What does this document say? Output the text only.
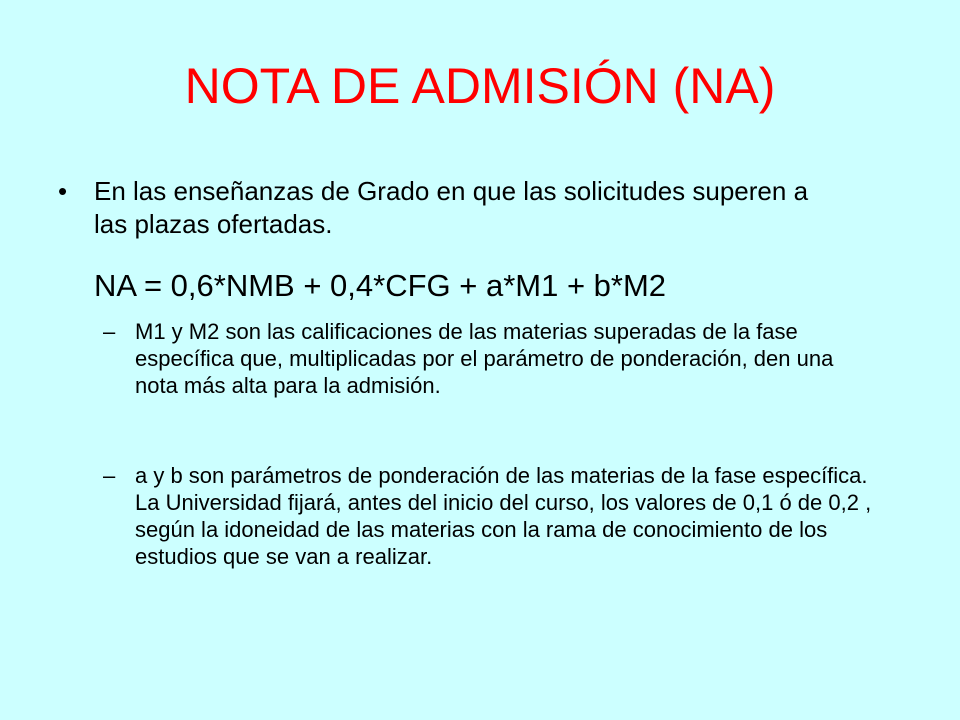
NOTA DE ADMISIÓN (NA)
•	En las enseñanzas de Grado en que las solicitudes superen a las plazas ofertadas.
NA = 0,6*NMB + 0,4*CFG + a*M1 + b*M2
– M1 y M2 son las calificaciones de las materias superadas de la fase específica que, multiplicadas por el parámetro de ponderación, den una nota más alta para la admisión.
– a y b son parámetros de ponderación de las materias de la fase específica. La Universidad fijará, antes del inicio del curso, los valores de 0,1 ó de 0,2 , según la idoneidad de las materias con la rama de conocimiento de los estudios que se van a realizar.
